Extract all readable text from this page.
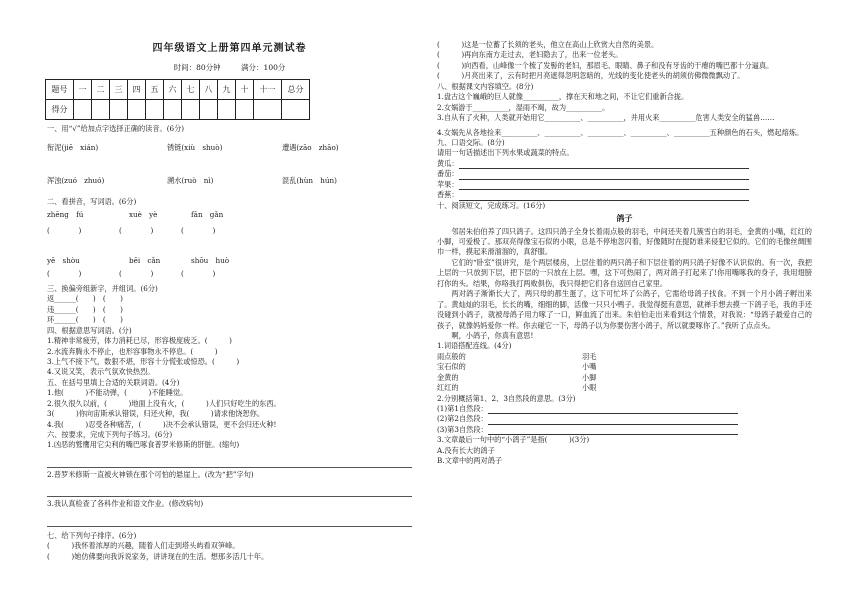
四年级语文上册第四单元测试卷
时间：80分钟	满分：100分
题号	一	二	三	四	五	六	七	八	九	十	十一	总分
得分												

一、用“√”给加点字选择正确的读音。(6分)

衔泥(jiē　xián)	锈链(xiù　shuò)	遭遇(zāo　zhāo)
浑浊(zuó　zhuó)	溯水(ruò　nì)	混乱(hùn　hún)

二、看拼音，写词语。(6分)

zhēng　fú	xuè　yè	fān　gǎn
(　　　　)	(　　　　)	(　　　　)
yě　shòu	bēi　cǎn	shōu　huò
(　　　　)	(　　　　)	(　　　　)

三、换偏旁组新字，并组词。(6分)

返______(　　)　(　　)

违______(　　)　(　　)

环______(　　)　(　　)

四、根据意思写词语。(分)

1.精神非常疲劳，体力消耗已尽，形容极度疲乏。(　　　)

2.水流奔腾永不停止，也形容事物永不停息。(　　　)

3.上气不接下气，数狠不堪，形容十分慌张或惊恐。(　　　)

4.又说又笑，表示气氛欢快热烈。

五、在括号里填上合适的关联词语。(4分)

1.他(　　　)不能动弹，(　　　)不能睡觉。

2.很久很久以前，(　　　)地面上没有火，(　　　)人们只好吃生的东西。

3(　　　)你向宙斯承认错误，归还火种，我(　　　)请求他饶恕你。

4.我(　　　)忍受各种痛苦，(　　　)决不会承认错误，更不会归还火种!

六、按要求，完成下列句子练习。(6分)

1.凶恶的鹫鹰用它尖利的嘴巴啄食普罗米修斯的肝脏。(缩句)

2.普罗米修斯一直被火神锁在那个可怕的悬崖上。(改为“把”字句)

3.我认真检查了各科作业和语文作业。(修改病句)

七、给下列句子排序。(6分)

(　　　)我怀着浓厚的兴趣，随着人们走到塔头屿看双笋峰。

(　　　)她仿佛要向我诉说家务，讲讲现在的生活。想那多活几十年。

(　　　)这是一位蓄了长须的老头，他立在高山上欣赏大自然的美景。

(　　　)再向东南方走过去，老妇隐去了，出来一位老头。

(　　　)向西看，山峰像一个梳了发髻的老妇，那眉毛、眼睛、鼻子和没有牙齿的干瘪的嘴巴都十分逼真。

(　　　)月亮出来了，云有时把月亮遮得忽明忽暗的，光线的变化使老头的胡须仿佛微微飘动了。

八、根据课文内容填空。(8分)

1.盘古这个巍峨的巨人就像__________，撑在天和地之间，不让它们重新合拢。

2.女娲游于__________，湿雨不竭，故为__________。

3.自从有了火种，人类就开始用它__________、__________，并用火来__________危害人类安全的猛兽……

4.女娲先从各地捡来__________、__________、__________、__________、__________五种颜色的石头，燃起熔炼。

九、口语交际。(8分)

请用一句话描述出下列水果或蔬菜的特点。

黄瓜：

番茄：

苹果：

香蕉：

十、阅读短文，完成练习。(16分)

鸽子

邻居朱伯伯养了四只鸽子。这四只鸽子全身长着雨点般的羽毛，中间还夹着几簇雪白的羽毛，金黄的小嘴，红红的小脚，可爱极了。那双亮得像宝石似的小眼，总是不停地忽闪着，好像随时在提防谁来侵犯它似的。它们的毛像丝绸围巾一样，摸起来滑溜溜的，真舒服。

它们的“卧室”很讲究，是个两层楼房，上层住着的两只鸽子和下层住着的两只鸽子好像不认识似的。有一次，我把上层的一只放到下层，把下层的一只放在上层。嘿，这下可热闹了，两对鸽子打起来了!你用嘴啄我的身子，我用翅膀打你的头。结果，你咯我打两败俱伤，我只得把它们各自送回自己家里。

两对鸽子渐渐长大了，两只母的都生蛋了，这下可忙坏了公鸽子，它需给母鸽子找食。不到一个月小鸽子孵出来了。黄灿灿的羽毛，长长的嘴，细细的脚，活像一只只小鸭子。我觉得挺有意思，就禅手想去摸一下鸽子毛，我的手还没碰到小鸽子，就被母鸽子用力啄了一口，鲜血流了出来。朱伯伯走出来看到这个情景，对我说：“母鸽子最爱自己的孩子，就像妈妈爱你一样。你去碰它一下，母鸽子以为你要伤害小鸽子，所以就要啄你了。”我听了点点头。

啊，小鸽子，你真有意思!

1.词语搭配连线。(4分)

雨点般的	羽毛
宝石似的	小嘴
金黄的	小脚
红红的	小眼

2.分别概括第1、2、3自然段的意思。(3分)

(1)第1自然段：

(2)第2自然段：

(3)第3自然段：

3.文章最后一句中的“小鸽子”是指(　　　)(3分)

A.没有长大的鸽子

B.文章中的两对鸽子
